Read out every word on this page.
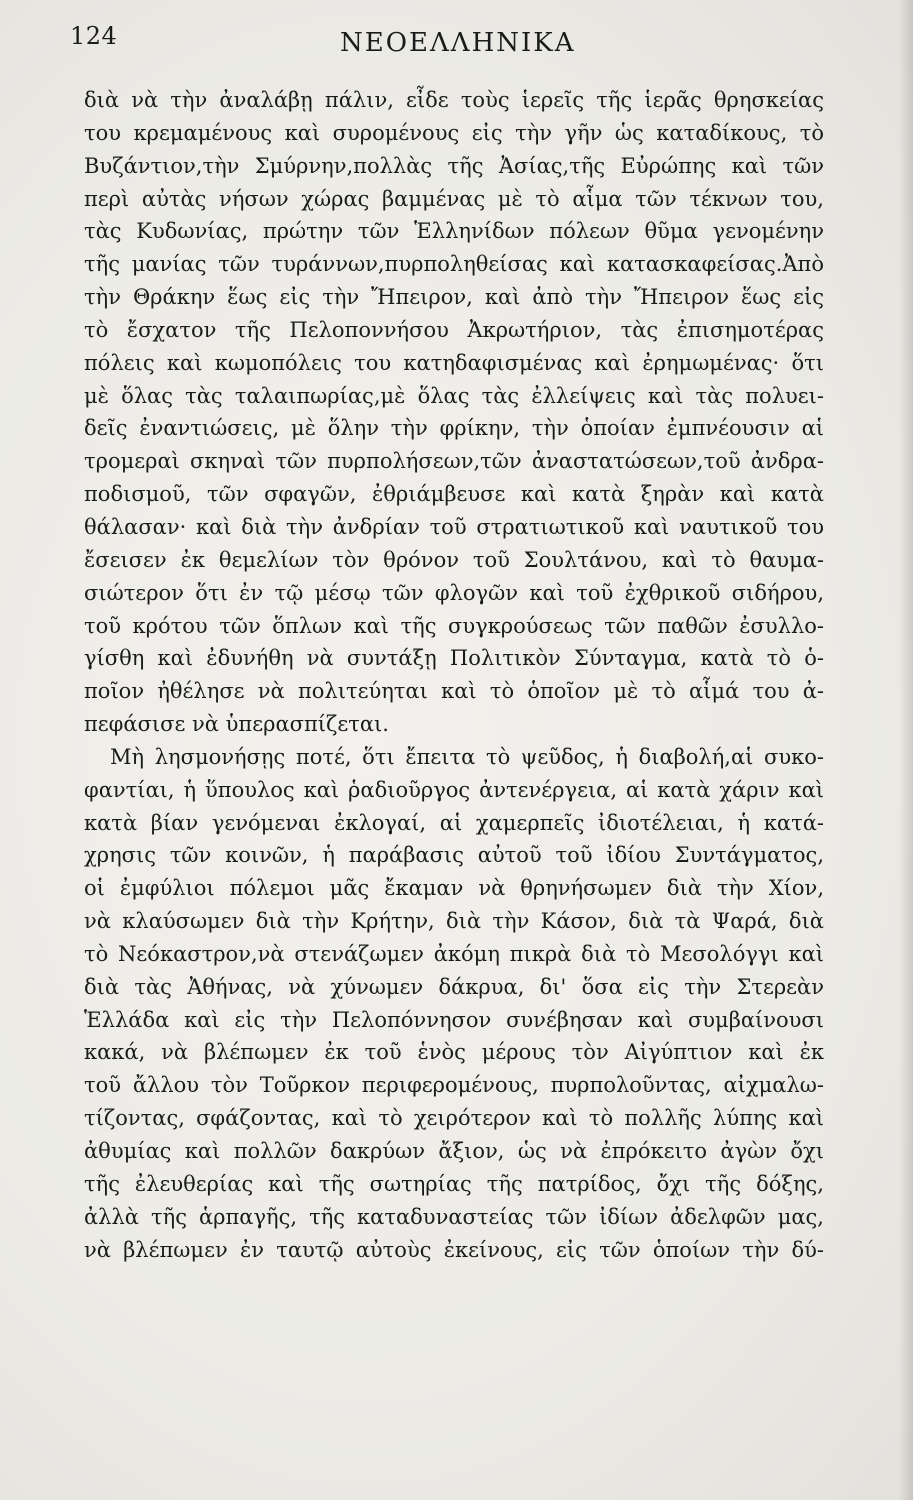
124	ΝΕΟΕΛΛΗΝΙΚΑ
διὰ νὰ τὴν ἀναλάβῃ πάλιν, εἶδε τοὺς ἱερεῖς τῆς ἱερᾶς θρησκείας
του κρεμαμένους καὶ συρομένους εἰς τὴν γῆν ὡς καταδίκους, τὸ
Βυζάντιον,τὴν Σμύρνην,πολλὰς τῆς Ἀσίας,τῆς Εὐρώπης καὶ τῶν
περὶ αὐτὰς νήσων χώρας βαμμένας μὲ τὸ αἷμα τῶν τέκνων του,
τὰς Κυδωνίας, πρώτην τῶν Ἑλληνίδων πόλεων θῦμα γενομένην
τῆς μανίας τῶν τυράννων,πυρποληθείσας καὶ κατασκαφείσας.Ἀπὸ
τὴν Θράκην ἕως εἰς τὴν Ἤπειρον, καὶ ἀπὸ τὴν Ἤπειρον ἕως εἰς
τὸ ἔσχατον τῆς Πελοποννήσου Ἀκρωτήριον, τὰς ἐπισημοτέρας
πόλεις καὶ κωμοπόλεις του κατηδαφισμένας καὶ ἐρημωμένας· ὅτι
μὲ ὅλας τὰς ταλαιπωρίας,μὲ ὅλας τὰς ἐλλείψεις καὶ τὰς πολυει-
δεῖς ἐναντιώσεις, μὲ ὅλην τὴν φρίκην, τὴν ὁποίαν ἐμπνέουσιν αἱ
τρομεραὶ σκηναὶ τῶν πυρπολήσεων,τῶν ἀναστατώσεων,τοῦ ἀνδρα-
ποδισμοῦ, τῶν σφαγῶν, ἐθριάμβευσε καὶ κατὰ ξηρὰν καὶ κατὰ
θάλασαν· καὶ διὰ τὴν ἀνδρίαν τοῦ στρατιωτικοῦ καὶ ναυτικοῦ του
ἔσεισεν ἐκ θεμελίων τὸν θρόνον τοῦ Σουλτάνου, καὶ τὸ θαυμα-
σιώτερον ὅτι ἐν τῷ μέσῳ τῶν φλογῶν καὶ τοῦ ἐχθρικοῦ σιδήρου,
τοῦ κρότου τῶν ὅπλων καὶ τῆς συγκρούσεως τῶν παθῶν ἐσυλλο-
γίσθη καὶ ἐδυνήθη νὰ συντάξῃ Πολιτικὸν Σύνταγμα, κατὰ τὸ ὁ-
ποῖον ἠθέλησε νὰ πολιτεύηται καὶ τὸ ὁποῖον μὲ τὸ αἷμά του ἀ-
πεφάσισε νὰ ὑπερασπίζεται.
Μὴ λησμονήσῃς ποτέ, ὅτι ἔπειτα τὸ ψεῦδος, ἡ διαβολή,αἱ συκο-
φαντίαι, ἡ ὕπουλος καὶ ῥαδιοῦργος ἀντενέργεια, αἱ κατὰ χάριν καὶ
κατὰ βίαν γενόμεναι ἐκλογαί, αἱ χαμερπεῖς ἰδιοτέλειαι, ἡ κατά-
χρησις τῶν κοινῶν, ἡ παράβασις αὐτοῦ τοῦ ἰδίου Συντάγματος,
οἱ ἐμφύλιοι πόλεμοι μᾶς ἔκαμαν νὰ θρηνήσωμεν διὰ τὴν Χίον,
νὰ κλαύσωμεν διὰ τὴν Κρήτην, διὰ τὴν Κάσον, διὰ τὰ Ψαρά, διὰ
τὸ Νεόκαστρον,νὰ στενάζωμεν ἀκόμη πικρὰ διὰ τὸ Μεσολόγγι καὶ
διὰ τὰς Ἀθήνας, νὰ χύνωμεν δάκρυα, δι' ὅσα εἰς τὴν Στερεὰν
Ἑλλάδα καὶ εἰς τὴν Πελοπόννησον συνέβησαν καὶ συμβαίνουσι
κακά, νὰ βλέπωμεν ἐκ τοῦ ἑνὸς μέρους τὸν Αἰγύπτιον καὶ ἐκ
τοῦ ἄλλου τὸν Τοῦρκον περιφερομένους, πυρπολοῦντας, αἰχμαλω-
τίζοντας, σφάζοντας, καὶ τὸ χειρότερον καὶ τὸ πολλῆς λύπης καὶ
ἀθυμίας καὶ πολλῶν δακρύων ἄξιον, ὡς νὰ ἐπρόκειτο ἀγὼν ὄχι
τῆς ἐλευθερίας καὶ τῆς σωτηρίας τῆς πατρίδος, ὄχι τῆς δόξης,
ἀλλὰ τῆς ἁρπαγῆς, τῆς καταδυναστείας τῶν ἰδίων ἀδελφῶν μας,
νὰ βλέπωμεν ἐν ταυτῷ αὐτοὺς ἐκείνους, εἰς τῶν ὁποίων τὴν δύ-
